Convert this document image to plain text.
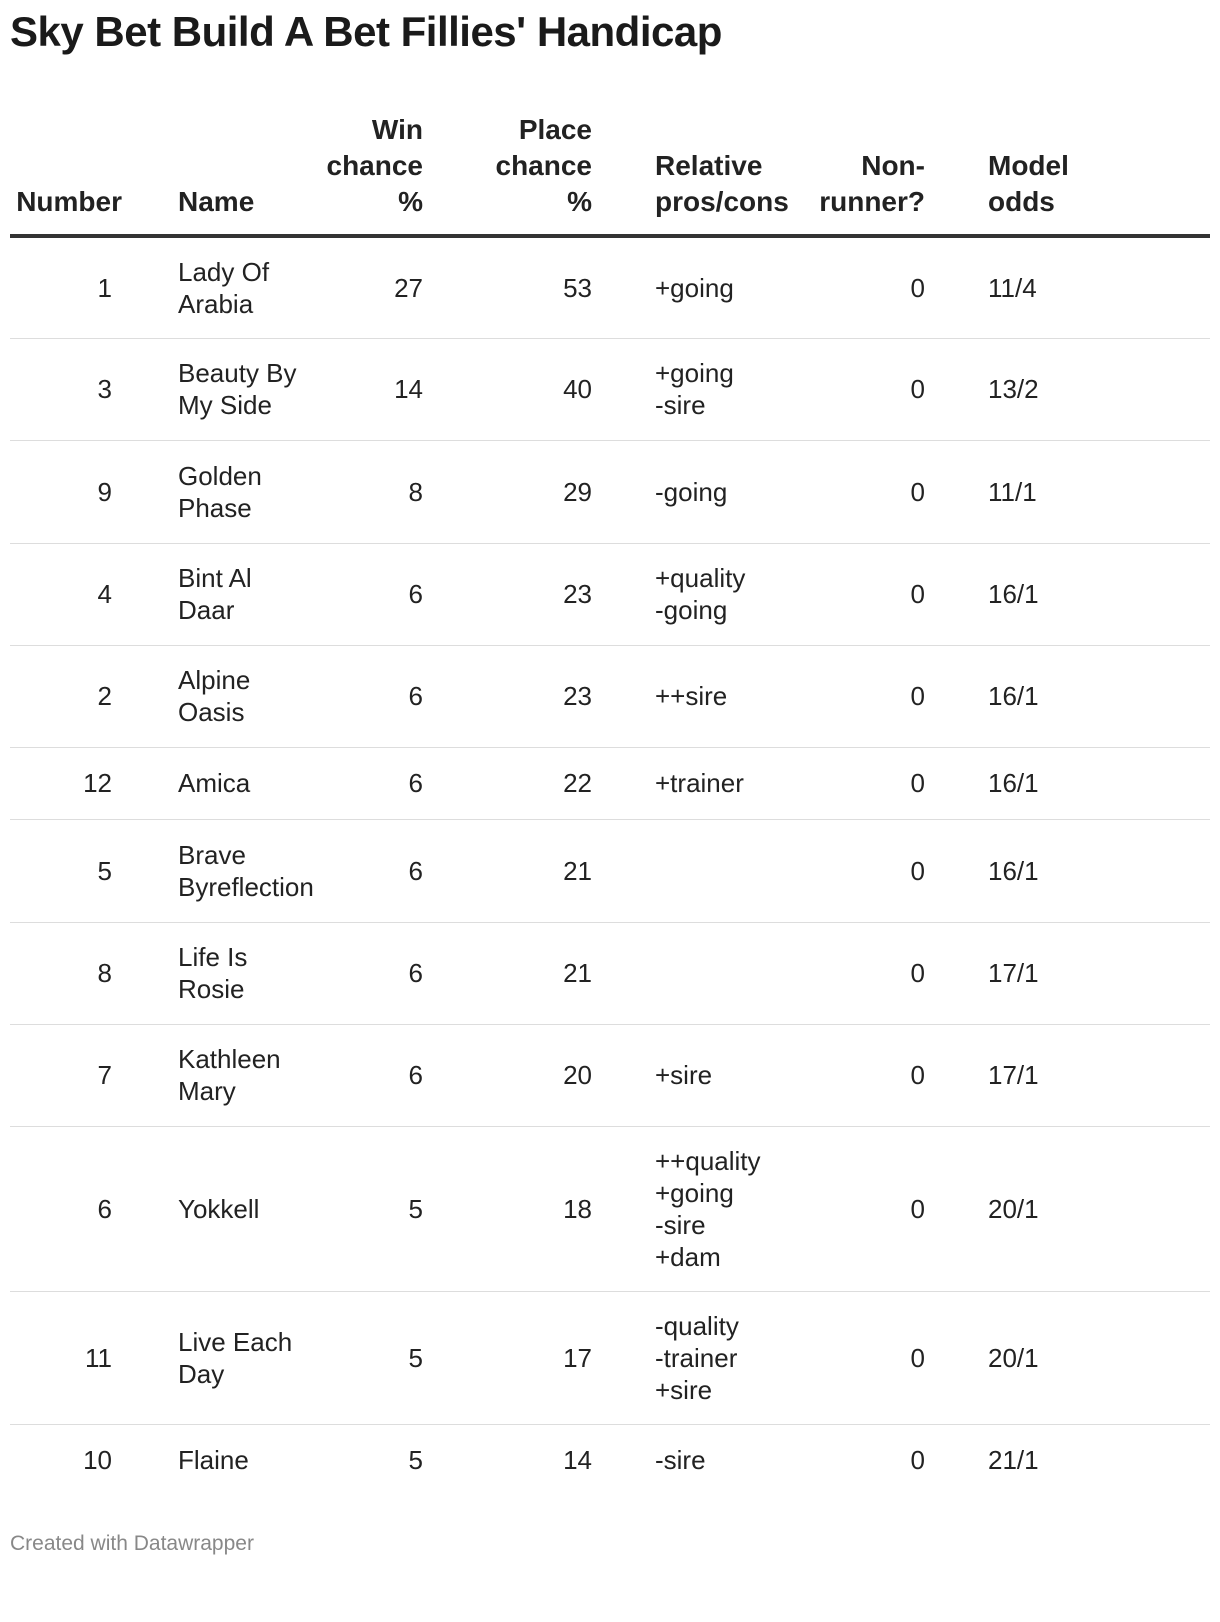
Sky Bet Build A Bet Fillies' Handicap
Number	Name	Win
chance
%	Place
chance
%	Relative
pros/cons	Non-
runner?	Model
odds

1	Lady Of
Arabia	27	53	+going	0	11/4
3	Beauty By
My Side	14	40	+going
-sire	0	13/2
9	Golden
Phase	8	29	-going	0	11/1
4	Bint Al Daar	6	23	+quality
-going	0	16/1
2	Alpine
Oasis	6	23	++sire	0	16/1
12	Amica	6	22	+trainer	0	16/1
5	Brave
Byreflection	6	21		0	16/1
8	Life Is
Rosie	6	21		0	17/1
7	Kathleen
Mary	6	20	+sire	0	17/1
6	Yokkell	5	18	++quality
+going
-sire
+dam	0	20/1
11	Live Each
Day	5	17	-quality
-trainer
+sire	0	20/1
10	Flaine	5	14	-sire	0	21/1
Created with Datawrapper
